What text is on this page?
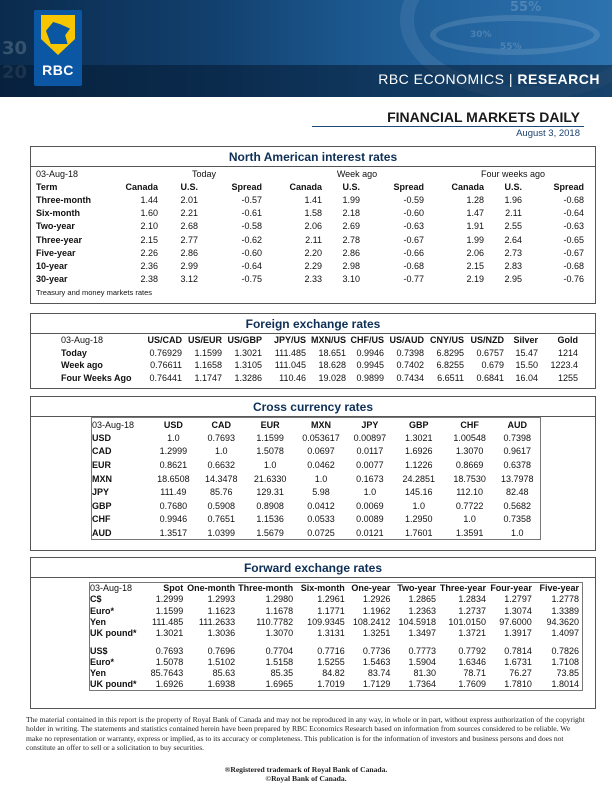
30
55%
30%
55%
RBC
RBC ECONOMICS | RESEARCH
FINANCIAL MARKETS DAILY
August 3, 2018
North American interest rates
03-Aug-18	Today			Week ago			Four weeks ago		
Term	Canada	U.S.	Spread	Canada	U.S.	Spread	Canada	U.S.	Spread
Three-month	1.44	2.01	-0.57	1.41	1.99	-0.59	1.28	1.96	-0.68
Six-month	1.60	2.21	-0.61	1.58	2.18	-0.60	1.47	2.11	-0.64
Two-year	2.10	2.68	-0.58	2.06	2.69	-0.63	1.91	2.55	-0.63
Three-year	2.15	2.77	-0.62	2.11	2.78	-0.67	1.99	2.64	-0.65
Five-year	2.26	2.86	-0.60	2.20	2.86	-0.66	2.06	2.73	-0.67
10-year	2.36	2.99	-0.64	2.29	2.98	-0.68	2.15	2.83	-0.68
30-year	2.38	3.12	-0.75	2.33	3.10	-0.77	2.19	2.95	-0.76
Treasury and money markets rates									
Foreign exchange rates
03-Aug-18	US/CAD	US/EUR	US/GBP	JPY/US	MXN/US	CHF/US	US/AUD	CNY/US	US/NZD	Silver	Gold
Today	0.76929	1.1599	1.3021	111.485	18.651	0.9946	0.7398	6.8295	0.6757	15.47	1214
Week ago	0.76611	1.1658	1.3105	111.045	18.628	0.9945	0.7402	6.8255	0.679	15.50	1223.4
Four Weeks Ago	0.76441	1.1747	1.3286	110.46	19.028	0.9899	0.7434	6.6511	0.6841	16.04	1255
Cross currency rates
03-Aug-18	USD	CAD	EUR	MXN	JPY	GBP	CHF	AUD
USD	1.0	0.7693	1.1599	0.053617	0.00897	1.3021	1.00548	0.7398
CAD	1.2999	1.0	1.5078	0.0697	0.0117	1.6926	1.3070	0.9617
EUR	0.8621	0.6632	1.0	0.0462	0.0077	1.1226	0.8669	0.6378
MXN	18.6508	14.3478	21.6330	1.0	0.1673	24.2851	18.7530	13.7978
JPY	111.49	85.76	129.31	5.98	1.0	145.16	112.10	82.48
GBP	0.7680	0.5908	0.8908	0.0412	0.0069	1.0	0.7722	0.5682
CHF	0.9946	0.7651	1.1536	0.0533	0.0089	1.2950	1.0	0.7358
AUD	1.3517	1.0399	1.5679	0.0725	0.0121	1.7601	1.3591	1.0
Forward exchange rates
03-Aug-18	Spot	One-month	Three-month	Six-month	One-year	Two-year	Three-year	Four-year	Five-year
C$	1.2999	1.2993	1.2980	1.2961	1.2926	1.2865	1.2834	1.2797	1.2778
Euro*	1.1599	1.1623	1.1678	1.1771	1.1962	1.2363	1.2737	1.3074	1.3389
Yen	111.485	111.2633	110.7782	109.9345	108.2412	104.5918	101.0150	97.6000	94.3620
UK pound*	1.3021	1.3036	1.3070	1.3131	1.3251	1.3497	1.3721	1.3917	1.4097

US$	0.7693	0.7696	0.7704	0.7716	0.7736	0.7773	0.7792	0.7814	0.7826
Euro*	1.5078	1.5102	1.5158	1.5255	1.5463	1.5904	1.6346	1.6731	1.7108
Yen	85.7643	85.63	85.35	84.82	83.74	81.30	78.71	76.27	73.85
UK pound*	1.6926	1.6938	1.6965	1.7019	1.7129	1.7364	1.7609	1.7810	1.8014
The material contained in this report is the property of Royal Bank of Canada and may not be reproduced in any way, in whole or in part, without express authorization of the copyright holder in writing. The statements and statistics contained herein have been prepared by RBC Economics Research based on information from sources considered to be reliable. We make no representation or warranty, express or implied, as to its accuracy or completeness. This publication is for the information of investors and business persons and does not constitute an offer to sell or a solicitation to buy securities.
®Registered trademark of Royal Bank of Canada.
©Royal Bank of Canada.
